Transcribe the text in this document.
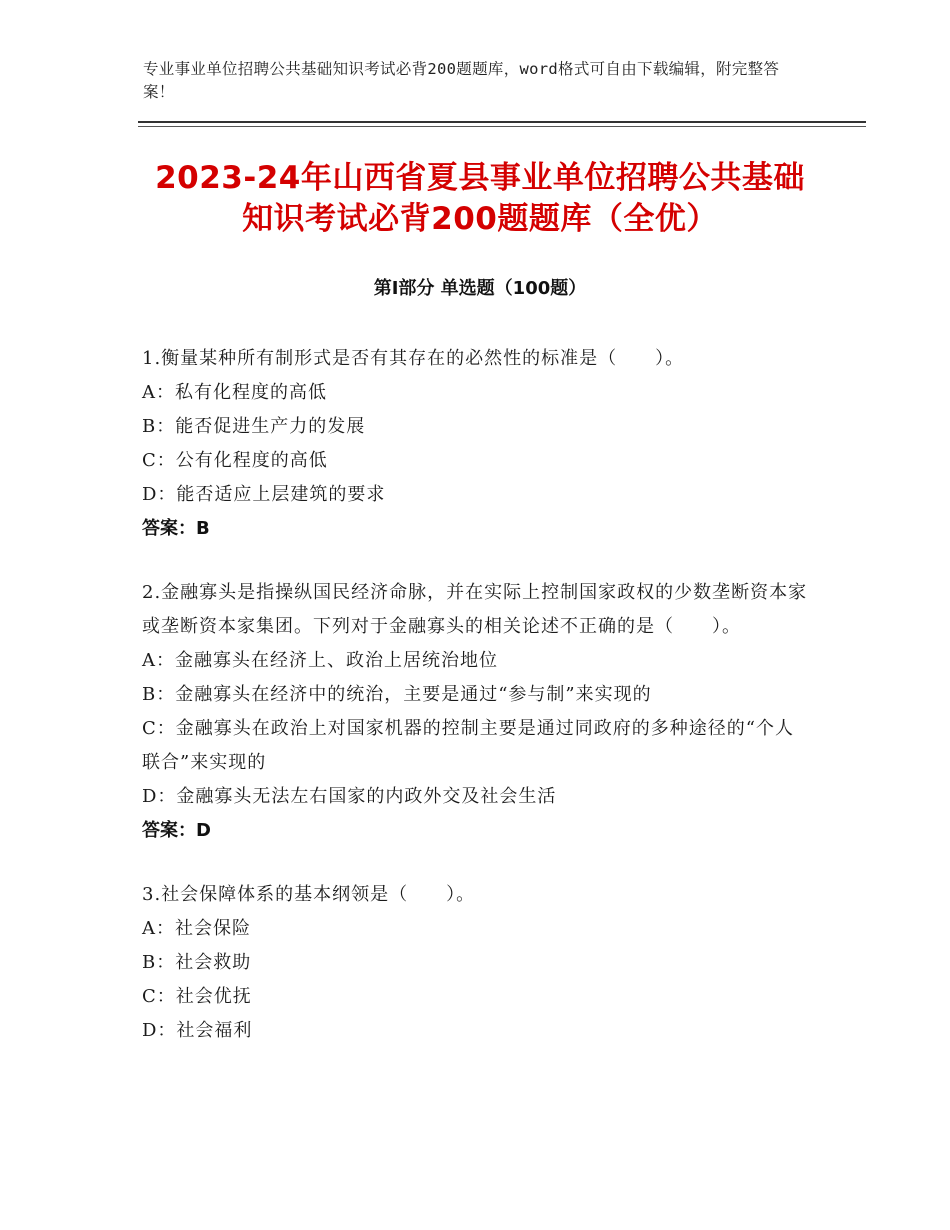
专业事业单位招聘公共基础知识考试必背200题题库，word格式可自由下载编辑，附完整答案！
2023-24年山西省夏县事业单位招聘公共基础知识考试必背200题题库（全优）
第Ⅰ部分 单选题（100题）
1.衡量某种所有制形式是否有其存在的必然性的标准是（　　）。
A：私有化程度的高低
B：能否促进生产力的发展
C：公有化程度的高低
D：能否适应上层建筑的要求
答案：B
2.金融寡头是指操纵国民经济命脉，并在实际上控制国家政权的少数垄断资本家或垄断资本家集团。下列对于金融寡头的相关论述不正确的是（　　）。
A：金融寡头在经济上、政治上居统治地位
B：金融寡头在经济中的统治，主要是通过“参与制”来实现的
C：金融寡头在政治上对国家机器的控制主要是通过同政府的多种途径的“个人联合”来实现的
D：金融寡头无法左右国家的内政外交及社会生活
答案：D
3.社会保障体系的基本纲领是（　　）。
A：社会保险
B：社会救助
C：社会优抚
D：社会福利
